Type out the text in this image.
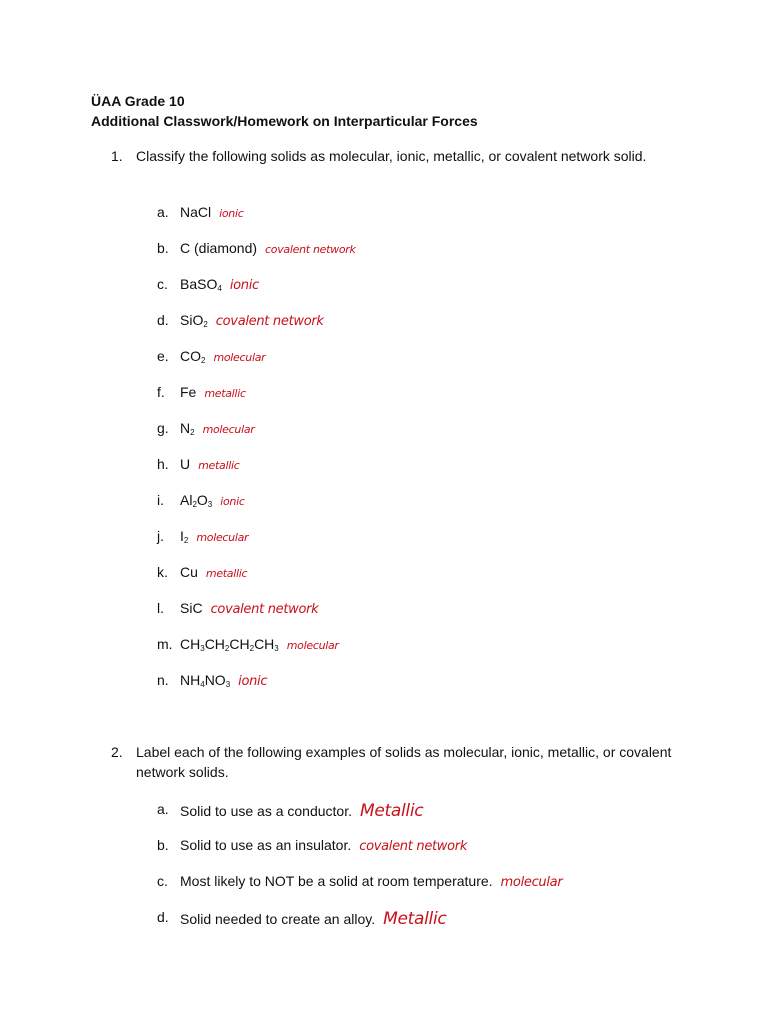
ÜAA Grade 10
Additional Classwork/Homework on Interparticular Forces
1. Classify the following solids as molecular, ionic, metallic, or covalent network solid.
a. NaCl ionic
b. C (diamond) covalent network
c. BaSO$_4$ ionic
d. SiO$_2$ covalent network
e. $CO_2$ molecular
f. Fe metallic
g. $N_2$ molecular
h. U metallic
i. $Al_2O_3$ ionic
j. $I_2$ molecular
k. Cu metallic
l. SiC covalent network
m. $CH_3CH_2CH_2CH_3$ molecular
n. $NH_4NO_3$ ionic
2. Label each of the following examples of solids as molecular, ionic, metallic, or covalent network solids.
a. Solid to use as a conductor. Metallic
b. Solid to use as an insulator. covalent network
c. Most likely to NOT be a solid at room temperature. molecular
d. Solid needed to create an alloy. Metallic
